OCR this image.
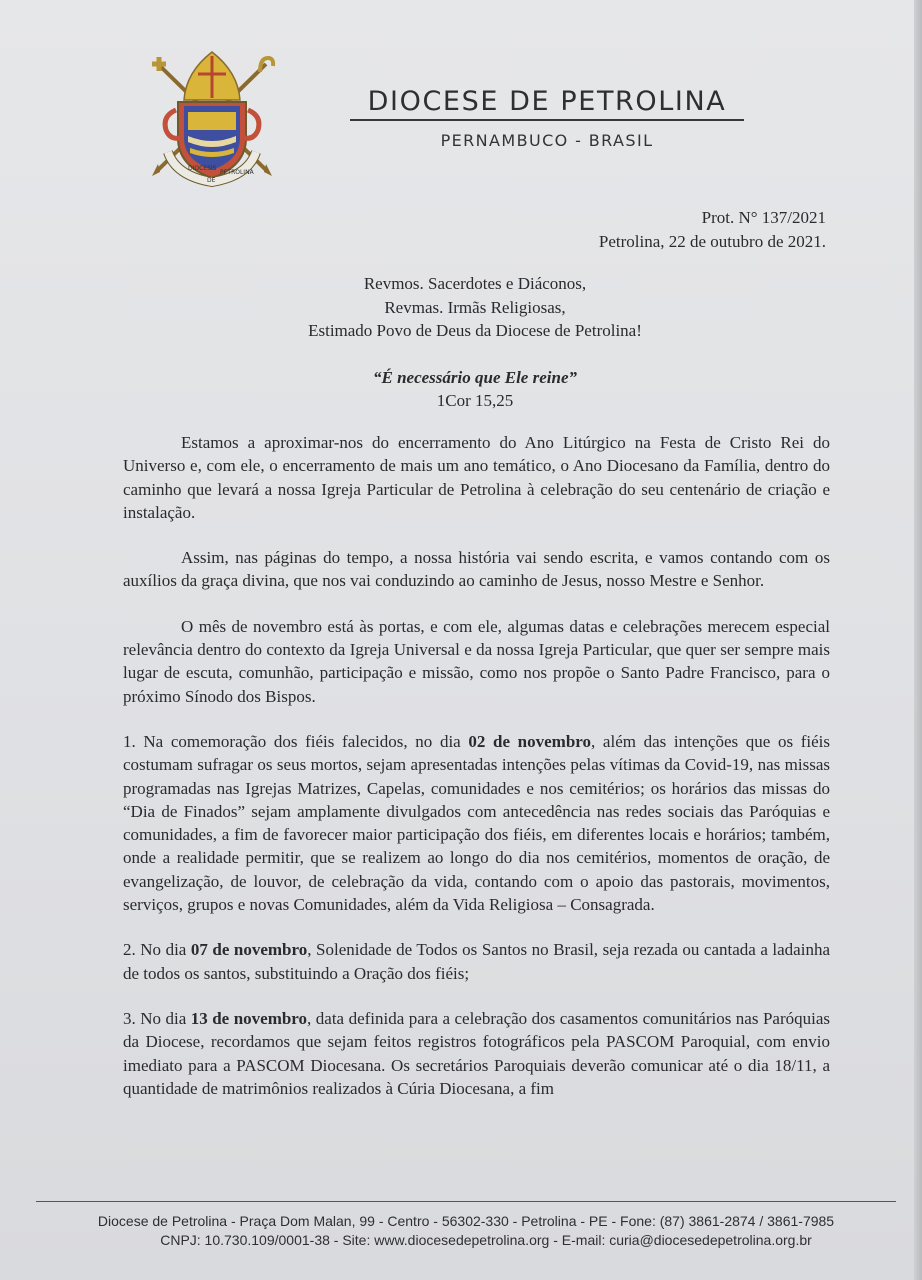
DIOCESIS
DE
PETROLINA
DIOCESE DE PETROLINA
PERNAMBUCO - BRASIL
Prot. N° 137/2021
Petrolina, 22 de outubro de 2021.
Revmos. Sacerdotes e Diáconos,
Revmas. Irmãs Religiosas,
Estimado Povo de Deus da Diocese de Petrolina!
“É necessário que Ele reine”
1Cor 15,25

Estamos a aproximar-nos do encerramento do Ano Litúrgico na Festa de Cristo Rei do Universo e, com ele, o encerramento de mais um ano temático, o Ano Diocesano da Família, dentro do caminho que levará a nossa Igreja Particular de Petrolina à celebração do seu centenário de criação e instalação.

Assim, nas páginas do tempo, a nossa história vai sendo escrita, e vamos contando com os auxílios da graça divina, que nos vai conduzindo ao caminho de Jesus, nosso Mestre e Senhor.

O mês de novembro está às portas, e com ele, algumas datas e celebrações merecem especial relevância dentro do contexto da Igreja Universal e da nossa Igreja Particular, que quer ser sempre mais lugar de escuta, comunhão, participação e missão, como nos propõe o Santo Padre Francisco, para o próximo Sínodo dos Bispos.

1. Na comemoração dos fiéis falecidos, no dia 02 de novembro, além das intenções que os fiéis costumam sufragar os seus mortos, sejam apresentadas intenções pelas vítimas da Covid-19, nas missas programadas nas Igrejas Matrizes, Capelas, comunidades e nos cemitérios; os horários das missas do “Dia de Finados” sejam amplamente divulgados com antecedência nas redes sociais das Paróquias e comunidades, a fim de favorecer maior participação dos fiéis, em diferentes locais e horários; também, onde a realidade permitir, que se realizem ao longo do dia nos cemitérios, momentos de oração, de evangelização, de louvor, de celebração da vida, contando com o apoio das pastorais, movimentos, serviços, grupos e novas Comunidades, além da Vida Religiosa – Consagrada.

2. No dia 07 de novembro, Solenidade de Todos os Santos no Brasil, seja rezada ou cantada a ladainha de todos os santos, substituindo a Oração dos fiéis;

3. No dia 13 de novembro, data definida para a celebração dos casamentos comunitários nas Paróquias da Diocese, recordamos que sejam feitos registros fotográficos pela PASCOM Paroquial, com envio imediato para a PASCOM Diocesana. Os secretários Paroquiais deverão comunicar até o dia 18/11, a quantidade de matrimônios realizados à Cúria Diocesana, a fim

Diocese de Petrolina - Praça Dom Malan, 99 - Centro - 56302-330 - Petrolina - PE - Fone: (87) 3861-2874 / 3861-7985
CNPJ: 10.730.109/0001-38 - Site: www.diocesedepetrolina.org - E-mail: curia@diocesedepetrolina.org.br
